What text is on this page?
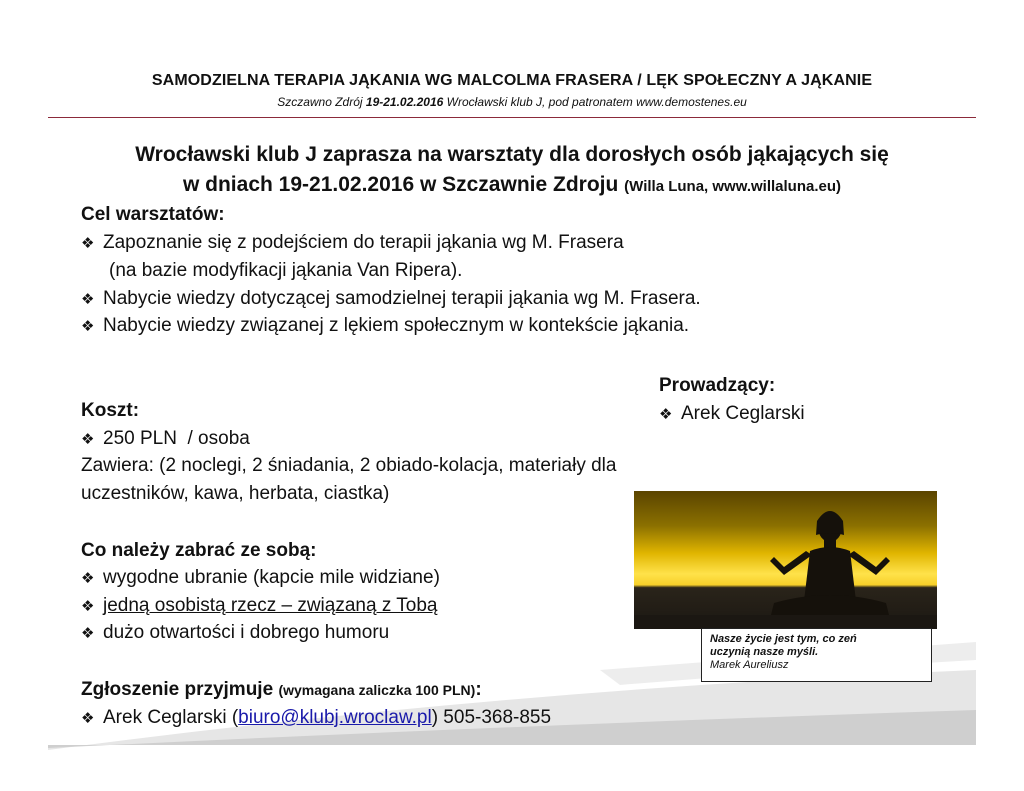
SAMODZIELNA TERAPIA JĄKANIA WG MALCOLMA FRASERA / LĘK SPOŁECZNY A JĄKANIE
Szczawno Zdrój 19-21.02.2016 Wrocławski klub J, pod patronatem www.demostenes.eu
Wrocławski klub J zaprasza na warsztaty dla dorosłych osób jąkających się
w dniach 19-21.02.2016 w Szczawnie Zdroju (Willa Luna, www.willaluna.eu)
Cel warsztatów:
❖ Zapoznanie się z podejściem do terapii jąkania wg M. Frasera
(na bazie modyfikacji jąkania Van Ripera).
❖ Nabycie wiedzy dotyczącej samodzielnej terapii jąkania wg M. Frasera.
❖ Nabycie wiedzy związanej z lękiem społecznym w kontekście jąkania.
Prowadzący:
❖ Arek Ceglarski
Koszt:
❖ 250 PLN  / osoba
Zawiera: (2 noclegi, 2 śniadania, 2 obiado-kolacja, materiały dla
uczestników, kawa, herbata, ciastka)
Co należy zabrać ze sobą:
❖ wygodne ubranie (kapcie mile widziane)
❖ jedną osobistą rzecz – związaną z Tobą
❖ dużo otwartości i dobrego humoru
Zgłoszenie przyjmuje (wymagana zaliczka 100 PLN):
❖ Arek Ceglarski (biuro@klubj.wroclaw.pl) 505-368-855
Nasze życie jest tym, co zeń
uczynią nasze myśli.
Marek Aureliusz
